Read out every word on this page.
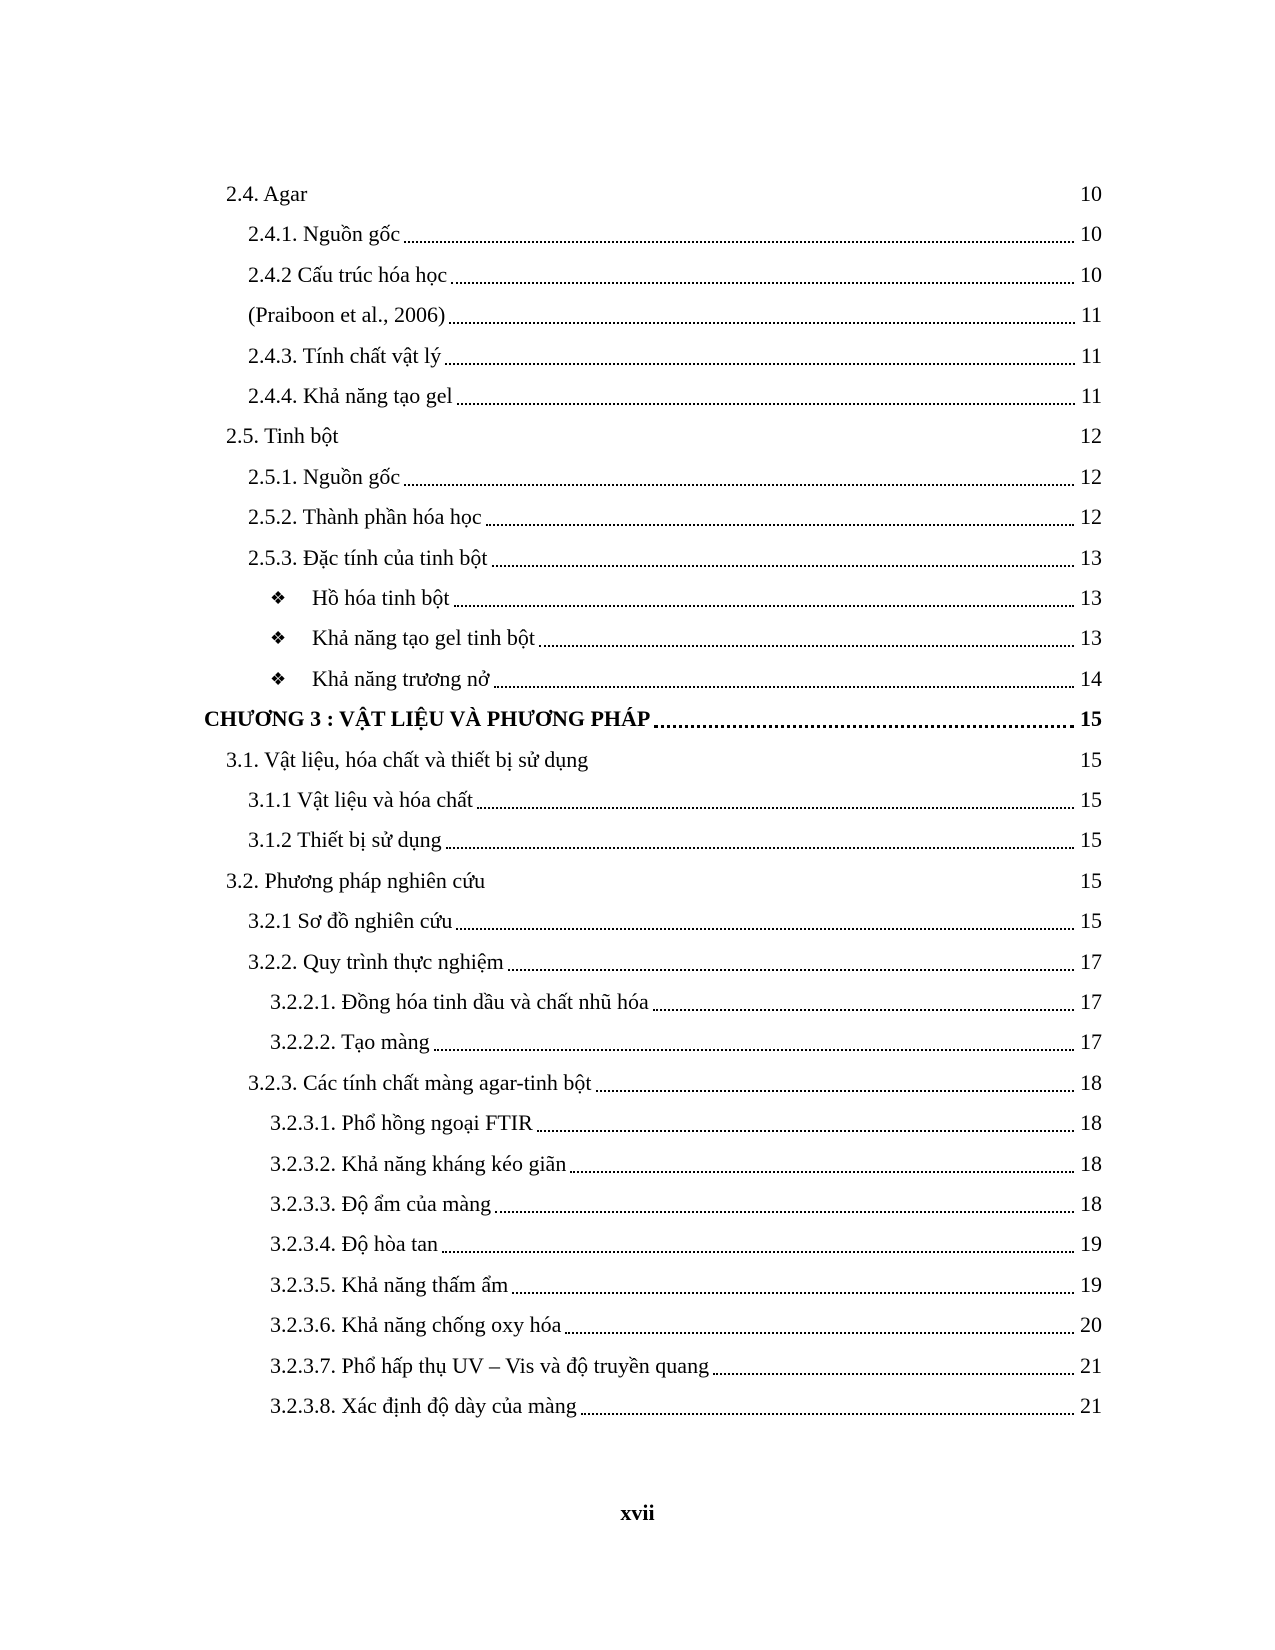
2.4. Agar	10
2.4.1. Nguồn gốc	10
2.4.2 Cấu trúc hóa học	10
(Praiboon et al., 2006)	11
2.4.3. Tính chất vật lý	11
2.4.4. Khả năng tạo gel	11
2.5. Tinh bột	12
2.5.1. Nguồn gốc	12
2.5.2. Thành phần hóa học	12
2.5.3. Đặc tính của tinh bột	13
❖	Hồ hóa tinh bột	13
❖	Khả năng tạo gel tinh bột	13
❖	Khả năng trương nở	14
CHƯƠNG 3 : VẬT LIỆU VÀ PHƯƠNG PHÁP	15
3.1. Vật liệu, hóa chất và thiết bị sử dụng	15
3.1.1 Vật liệu và hóa chất	15
3.1.2 Thiết bị sử dụng	15
3.2. Phương pháp nghiên cứu	15
3.2.1 Sơ đồ nghiên cứu	15
3.2.2. Quy trình thực nghiệm	17
3.2.2.1. Đồng hóa tinh dầu và chất nhũ hóa	17
3.2.2.2. Tạo màng	17
3.2.3. Các tính chất màng agar-tinh bột	18
3.2.3.1. Phổ hồng ngoại FTIR	18
3.2.3.2. Khả năng kháng kéo giãn	18
3.2.3.3. Độ ẩm của màng	18
3.2.3.4. Độ hòa tan	19
3.2.3.5. Khả năng thấm ẩm	19
3.2.3.6. Khả năng chống oxy hóa	20
3.2.3.7. Phổ hấp thụ UV – Vis và độ truyền quang	21
3.2.3.8. Xác định độ dày của màng	21
xvii
